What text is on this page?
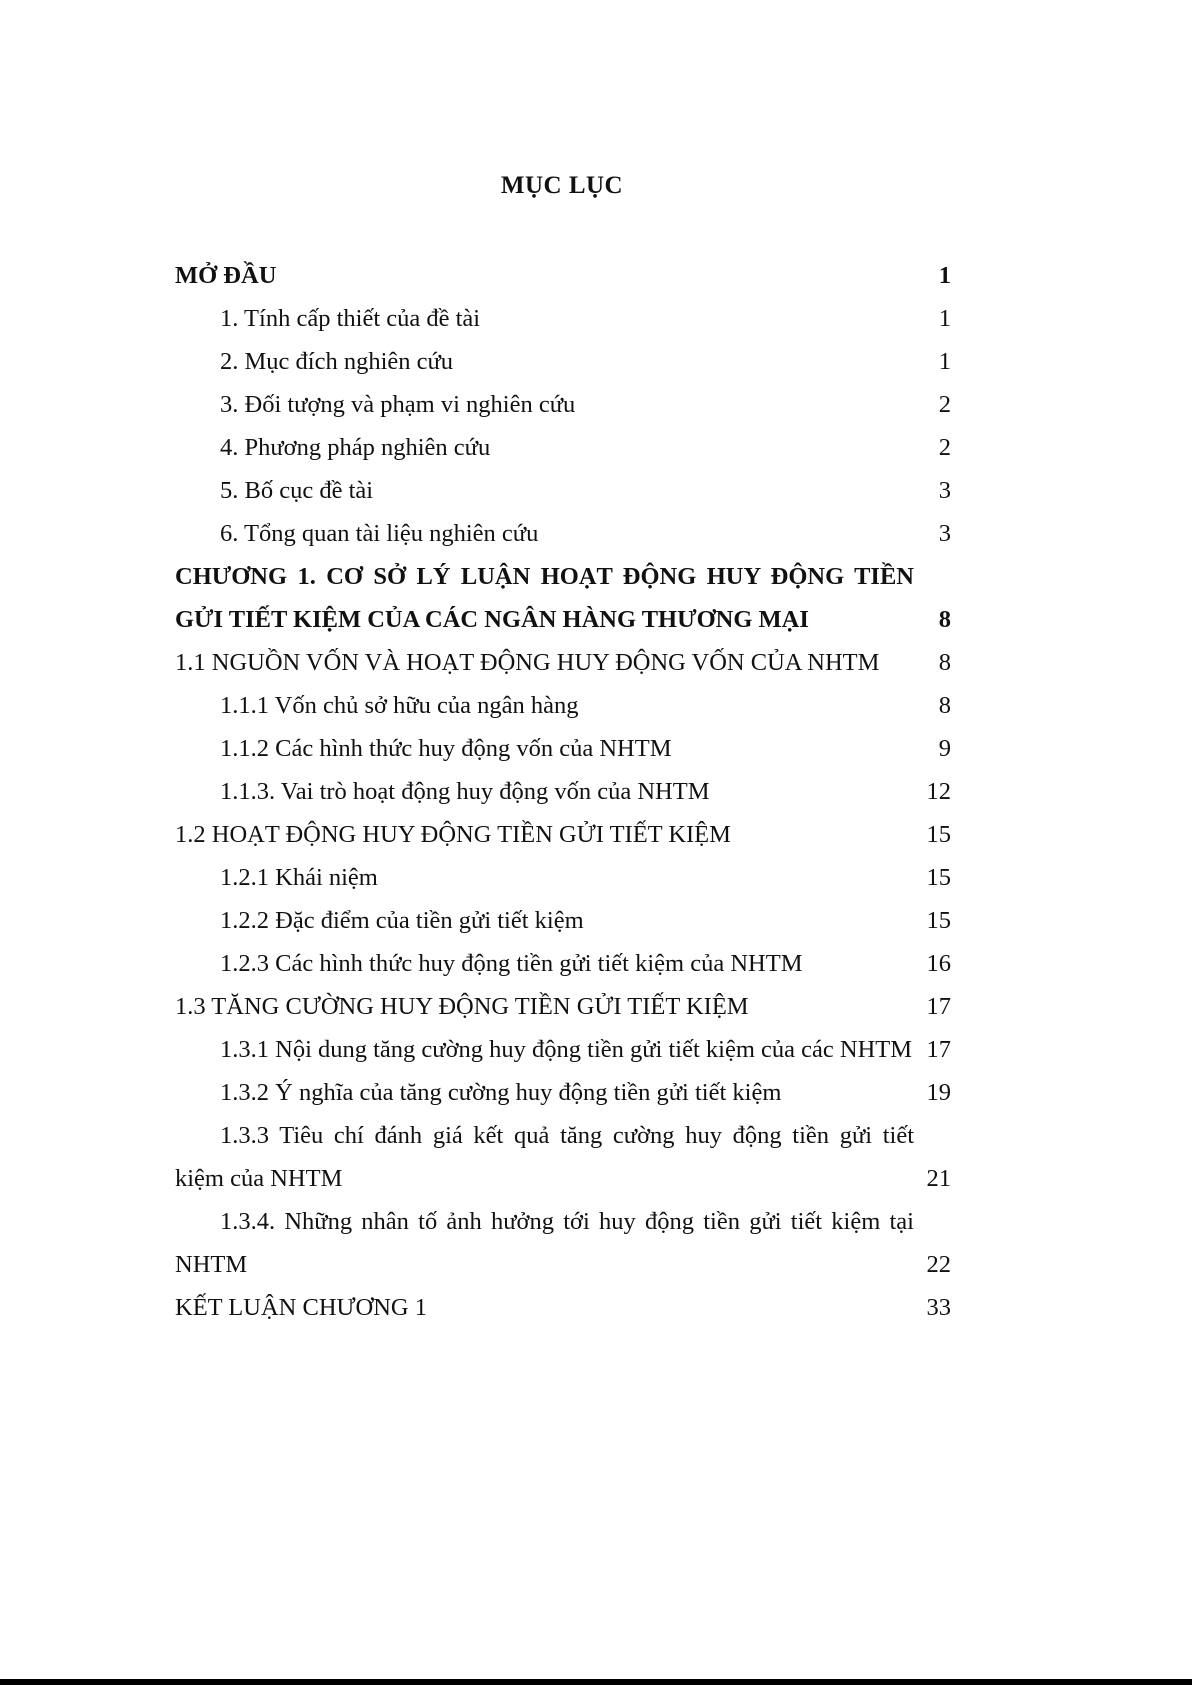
MỤC LỤC
MỞ ĐẦU	1
1. Tính cấp thiết của đề tài	1
2. Mục đích nghiên cứu	1
3. Đối tượng và phạm vi nghiên cứu	2
4. Phương pháp nghiên cứu	2
5. Bố cục đề tài	3
6. Tổng quan tài liệu nghiên cứu	3
CHƯƠNG 1. CƠ SỞ LÝ LUẬN HOẠT ĐỘNG HUY ĐỘNG TIỀN
GỬI TIẾT KIỆM CỦA CÁC NGÂN HÀNG THƯƠNG MẠI	8
1.1 NGUỒN VỐN VÀ HOẠT ĐỘNG HUY ĐỘNG VỐN CỦA NHTM 8
1.1.1 Vốn chủ sở hữu của ngân hàng	8
1.1.2 Các hình thức huy động vốn của NHTM	9
1.1.3. Vai trò hoạt động huy động vốn của NHTM	12
1.2 HOẠT ĐỘNG HUY ĐỘNG TIỀN GỬI TIẾT KIỆM	15
1.2.1 Khái niệm	15
1.2.2 Đặc điểm của tiền gửi tiết kiệm	15
1.2.3 Các hình thức huy động tiền gửi tiết kiệm của NHTM	16
1.3 TĂNG CƯỜNG HUY ĐỘNG TIỀN GỬI TIẾT KIỆM	17
1.3.1 Nội dung tăng cường huy động tiền gửi tiết kiệm của các NHTM 17
1.3.2 Ý nghĩa của tăng cường huy động tiền gửi tiết kiệm	19
1.3.3 Tiêu chí đánh giá kết quả tăng cường huy động tiền gửi tiết
kiệm của NHTM	21
1.3.4. Những nhân tố ảnh hưởng tới huy động tiền gửi tiết kiệm tại
NHTM	22
KẾT LUẬN CHƯƠNG 1	33
